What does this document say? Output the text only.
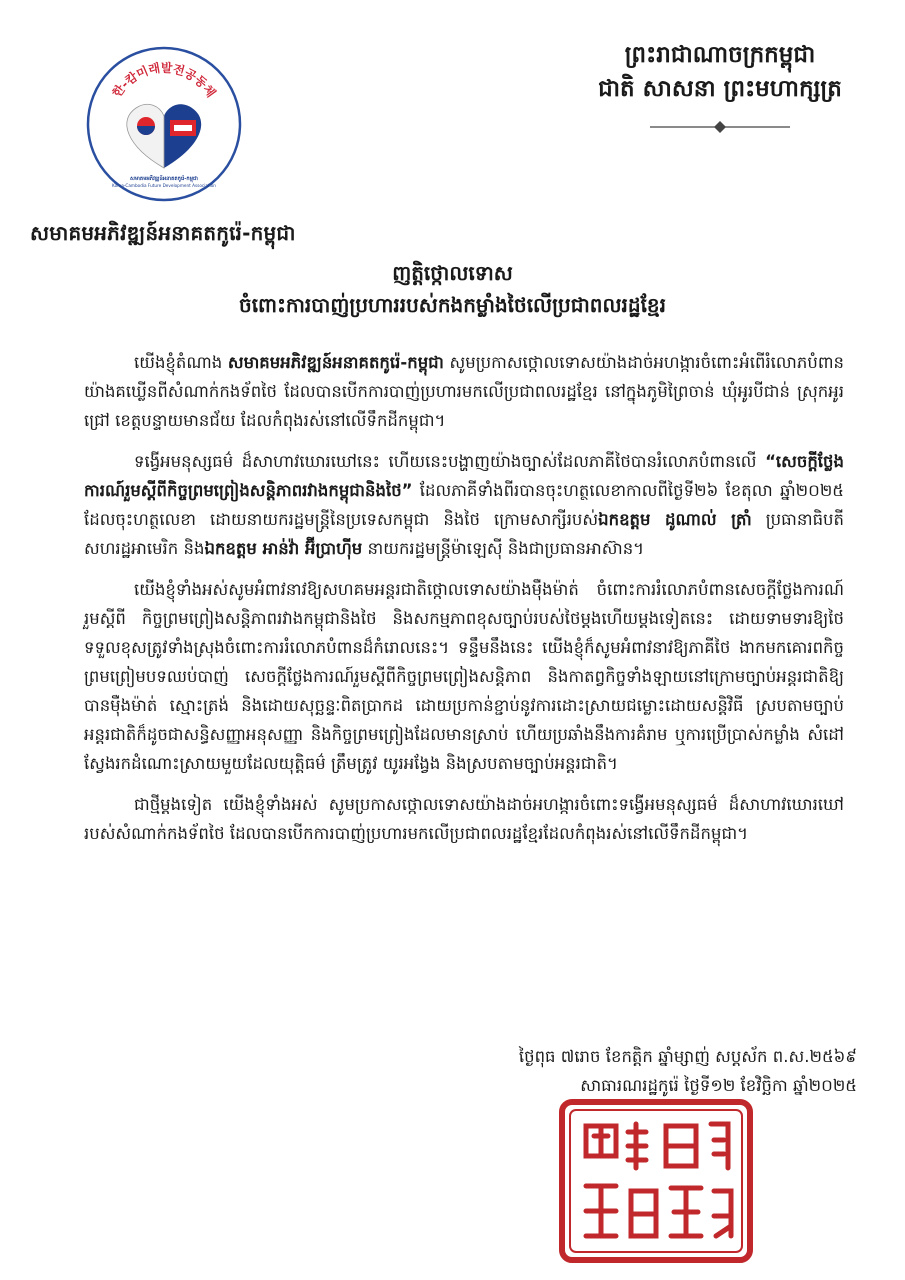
한-캄미래발전공동체
សមាគមអភិវឌ្ឍន៍អនាគតកូរ៉េ-កម្ពុជា
Korea-Cambodia Future Development Association
សមាគមអភិវឌ្ឍន៍អនាគតកូរ៉េ-កម្ពុជា
ព្រះរាជាណាចក្រកម្ពុជា
ជាតិ សាសនា ព្រះមហាក្សត្រ
ញត្តិថ្កោលទោស
ចំពោះការបាញ់ប្រហាររបស់កងកម្លាំងថៃលើប្រជាពលរដ្ឋខ្មែរ

យើងខ្ញុំតំណាង សមាគមអភិវឌ្ឍន៍អនាគតកូរ៉េ-កម្ពុជា សូមប្រកាសថ្កោលទោសយ៉ាងដាច់អហង្ការចំពោះអំពើរំលោភបំពានយ៉ាងគឃ្លើនពីសំណាក់កងទ័ពថៃ ដែលបានបើកការបាញ់ប្រហារមកលើប្រជាពលរដ្ឋខ្មែរ នៅក្នុងភូមិព្រៃចាន់ ឃុំអូរបីជាន់ ស្រុកអូរជ្រៅ ខេត្តបន្ទាយមានជ័យ ដែលកំពុងរស់នៅលើទឹកដីកម្ពុជា។

ទង្វើអមនុស្សធម៌ ដ៏សាហាវឃោរឃៅនេះ ហើយនេះបង្ហាញយ៉ាងច្បាស់ដែលភាគីថៃបានរំលោភបំពានលើ “សេចក្តីថ្លែងការណ៍រួមស្តីពីកិច្ចព្រមព្រៀងសន្តិភាពរវាងកម្ពុជានិងថៃ” ដែលភាគីទាំងពីរបានចុះហត្ថលេខាកាលពីថ្ងៃទី២៦ ខែតុលា ឆ្នាំ២០២៥ ដែលចុះហត្ថលេខា ដោយនាយករដ្ឋមន្ត្រីនៃប្រទេសកម្ពុជា និងថៃ ក្រោមសាក្សីរបស់ឯកឧត្តម ដូណាល់ ត្រាំ ប្រធានាធិបតីសហរដ្ឋអាមេរិក និងឯកឧត្តម អាន់វ៉ា អ៊ីប្រាហ៊ីម នាយករដ្ឋមន្ត្រីម៉ាឡេស៊ី និងជាប្រធានអាស៊ាន។

យើងខ្ញុំទាំងអស់សូមអំពាវនាវឱ្យសហគមអន្តរជាតិថ្កោលទោសយ៉ាងម៉ឺងម៉ាត់ ចំពោះការរំលោភបំពានសេចក្តីថ្លែងការណ៍រួមស្តីពី កិច្ចព្រមព្រៀងសន្តិភាពរវាងកម្ពុជានិងថៃ និងសកម្មភាពខុសច្បាប់របស់ថៃម្តងហើយម្តងទៀតនេះ ដោយទាមទារឱ្យថៃទទួលខុសត្រូវទាំងស្រុងចំពោះការរំលោភបំពានដ៏កំរោលនេះ។ ទន្ទឹមនឹងនេះ យើងខ្ញុំក៏សូមអំពាវនាវឱ្យភាគីថៃ ងាកមកគោរពកិច្ចព្រមព្រៀមបទឈប់បាញ់ សេចក្តីថ្លែងការណ៍រួមស្តីពីកិច្ចព្រមព្រៀងសន្តិភាព និងកាតព្វកិច្ចទាំងឡាយនៅក្រោមច្បាប់អន្តរជាតិឱ្យបានម៉ឺងម៉ាត់ ស្មោះត្រង់ និងដោយសុច្ឆន្ទៈពិតប្រាកដ ដោយប្រកាន់ខ្ជាប់នូវការដោះស្រាយជម្លោះដោយសន្តិវិធី ស្របតាមច្បាប់អន្តរជាតិក៏ដូចជាសន្ធិសញ្ញាអនុសញ្ញា និងកិច្ចព្រមព្រៀងដែលមានស្រាប់ ហើយប្រឆាំងនឹងការគំរាម ឬការប្រើប្រាស់កម្លាំង សំដៅស្វែងរកដំណោះស្រាយមួយដែលយុត្តិធម៌ ត្រឹមត្រូវ យូរអង្វែង និងស្របតាមច្បាប់អន្តរជាតិ។

ជាថ្មីម្តងទៀត យើងខ្ញុំទាំងអស់ សូមប្រកាសថ្កោលទោសយ៉ាងដាច់អហង្ការចំពោះទង្វើអមនុស្សធម៌ ដ៏សាហាវឃោរឃៅរបស់សំណាក់កងទ័ពថៃ ដែលបានបើកការបាញ់ប្រហារមកលើប្រជាពលរដ្ឋខ្មែរដែលកំពុងរស់នៅលើទឹកដីកម្ពុជា។

ថ្ងៃពុធ ៧រោច ខែកត្តិក ឆ្នាំម្សាញ់ សប្តស័ក ព.ស.២៥៦៩
សាធារណរដ្ឋកូរ៉េ ថ្ងៃទី១២ ខែវិច្ឆិកា ឆ្នាំ២០២៥
